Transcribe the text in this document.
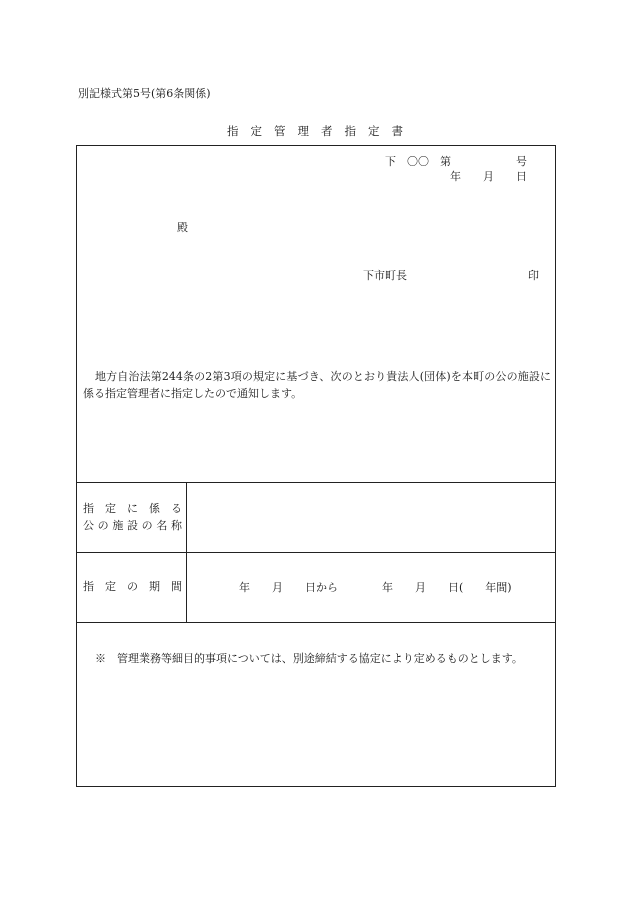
別記様式第5号(第6条関係)
指定管理者指定書
下　〇〇　第	号
年　　月　　日
殿
下市町長	印
地方自治法第244条の2第3項の規定に基づき、次のとおり貴法人(団体)を本町の公の施設に係る指定管理者に指定したので通知します。
指定に係る
公の施設の名称
指定の期間	年　　月　　日から　　　　年　　月　　日(　　年間)
※　管理業務等細目的事項については、別途締結する協定により定めるものとします。
